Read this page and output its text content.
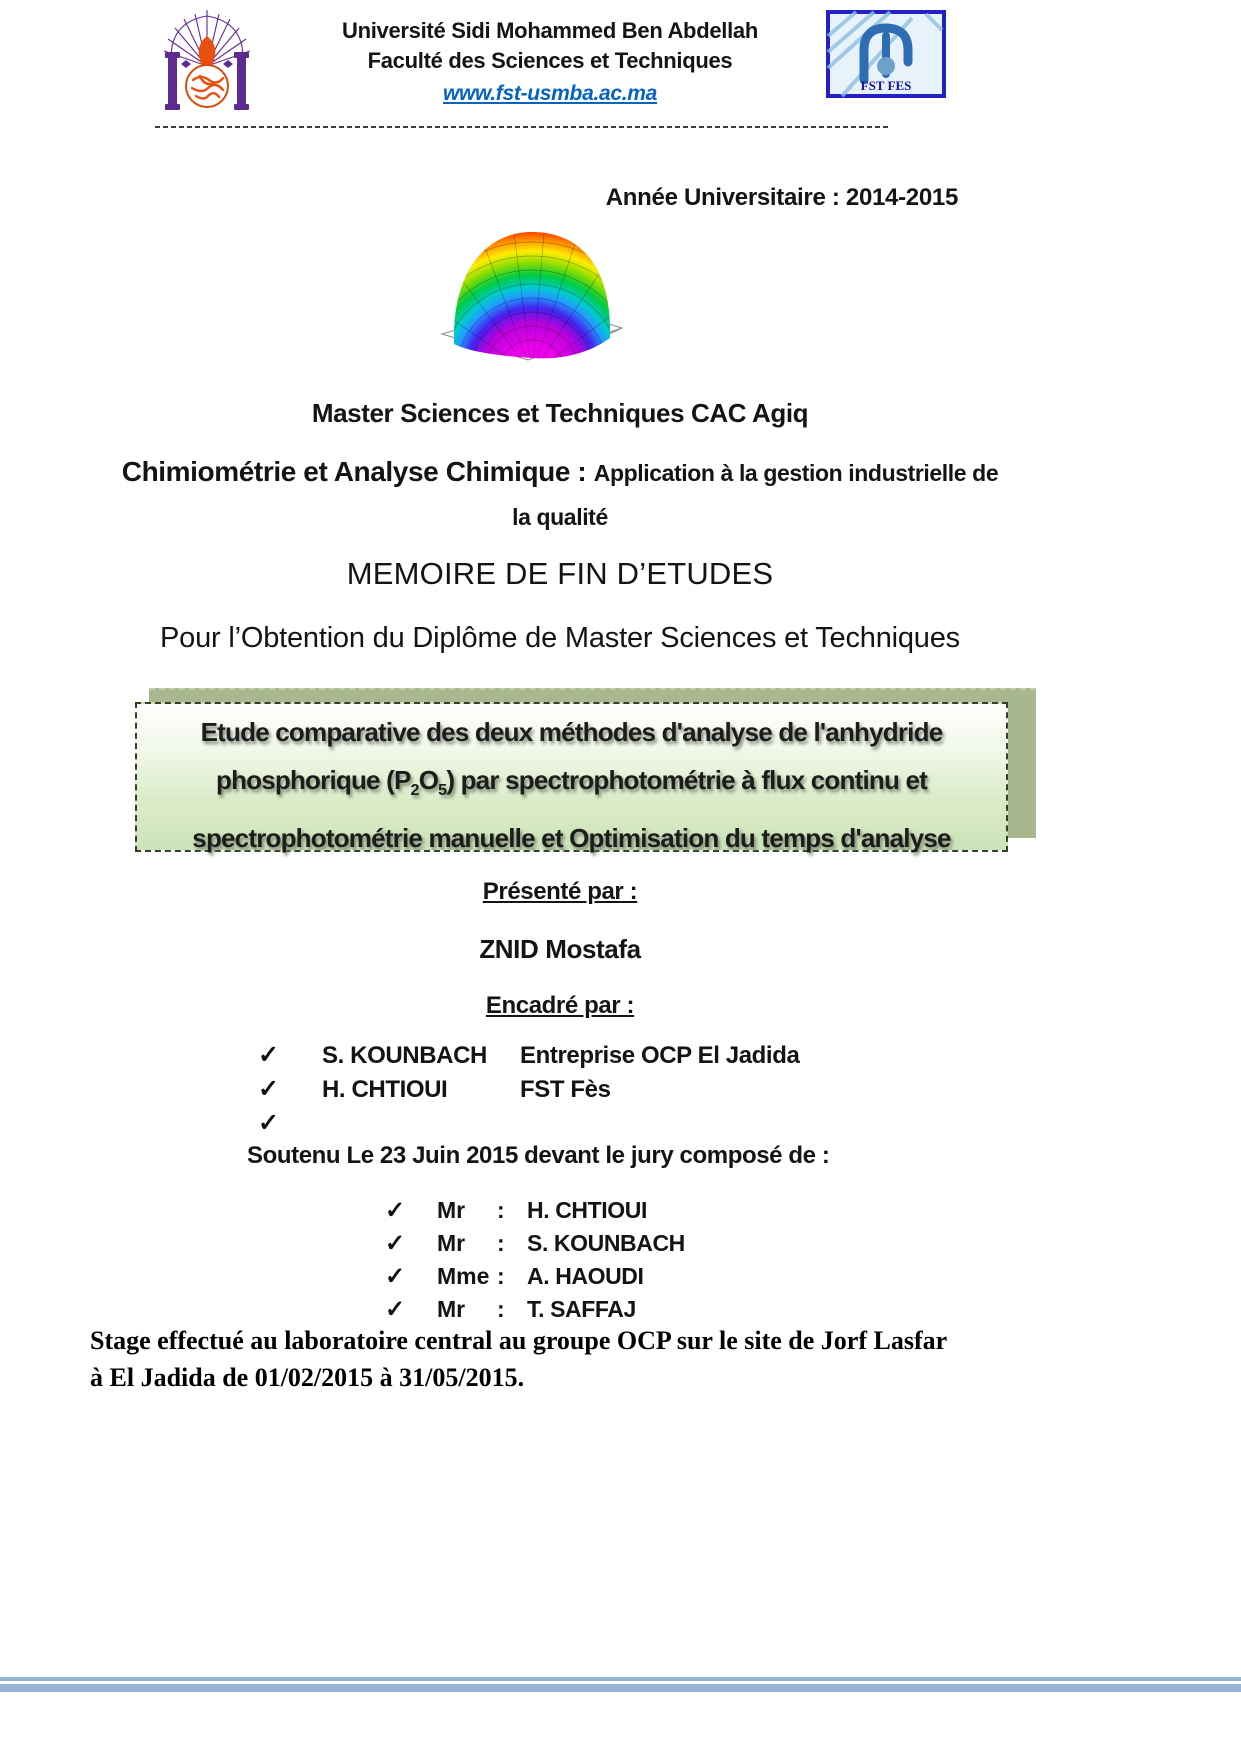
Université Sidi Mohammed Ben Abdellah
Faculté des Sciences et Techniques
www.fst-usmba.ac.ma	FST FES
Année Universitaire : 2014-2015
Master Sciences et Techniques CAC Agiq
Chimiométrie et Analyse Chimique : Application à la gestion industrielle de
la qualité
MEMOIRE DE FIN D’ETUDES
Pour l’Obtention du Diplôme de Master Sciences et Techniques
Etude comparative des deux méthodes d'analyse de l'anhydride
phosphorique $(P_2O_5)$ par spectrophotométrie à flux continu et
spectrophotométrie manuelle et Optimisation du temps d'analyse
Présenté par :
ZNID Mostafa
Encadré par :
✓ S. KOUNBACH Entreprise OCP El Jadida
✓ H. CHTIOUI	FST Fès
✓
Soutenu Le 23 Juin 2015 devant le jury composé de :
✓ Mr : H. CHTIOUI
✓ Mr : S. KOUNBACH
✓ Mme : A. HAOUDI
✓ Mr : T. SAFFAJ
Stage effectué au laboratoire central au groupe OCP sur le site de Jorf Lasfar
à El Jadida de 01/02/2015 à 31/05/2015.
